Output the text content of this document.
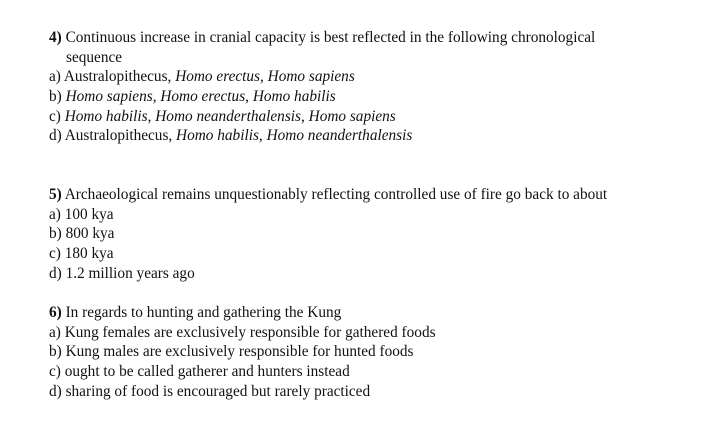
4) Continuous increase in cranial capacity is best reflected in the following chronological
sequence
a) Australopithecus, Homo erectus, Homo sapiens
b) Homo sapiens, Homo erectus, Homo habilis
c) Homo habilis, Homo neanderthalensis, Homo sapiens
d) Australopithecus, Homo habilis, Homo neanderthalensis
5) Archaeological remains unquestionably reflecting controlled use of fire go back to about
a) 100 kya
b) 800 kya
c) 180 kya
d) 1.2 million years ago
6) In regards to hunting and gathering the Kung
a) Kung females are exclusively responsible for gathered foods
b) Kung males are exclusively responsible for hunted foods
c) ought to be called gatherer and hunters instead
d) sharing of food is encouraged but rarely practiced
